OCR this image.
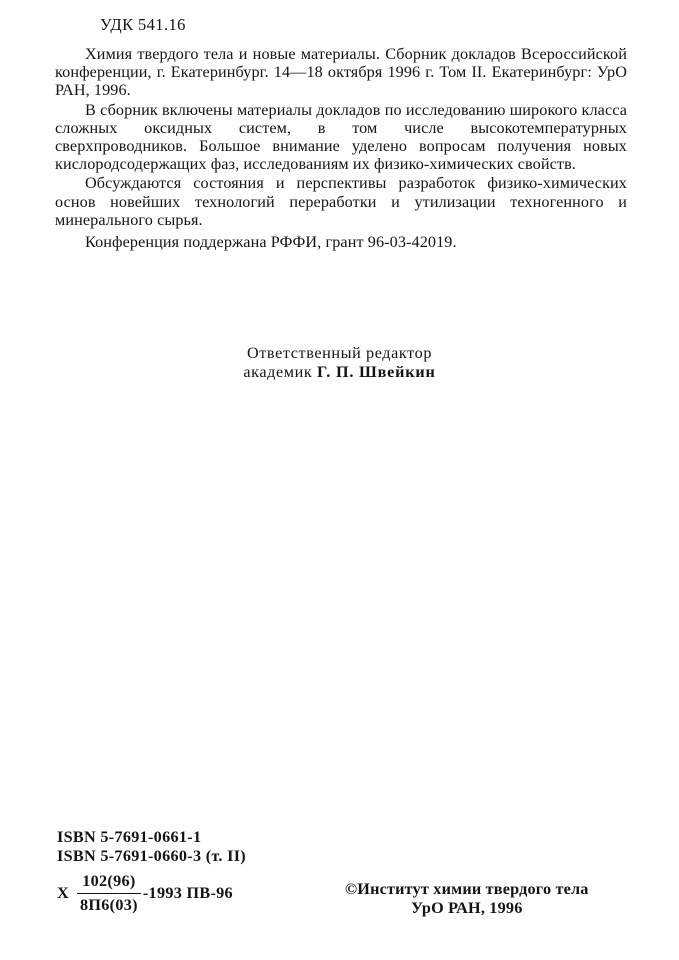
УДК 541.16

Химия твердого тела и новые материалы. Сборник докладов Всероссийской конференции, г. Екатеринбург. 14—18 октября 1996 г. Том II. Екатеринбург: УрО РАН, 1996.

В сборник включены материалы докладов по исследованию широкого класса сложных оксидных систем, в том числе высокотемпературных сверхпроводников. Большое внимание уделено вопросам получения новых кислородсодержащих фаз, исследованиям их физико-химических свойств.

Обсуждаются состояния и перспективы разработок физико-химических основ новейших технологий переработки и утилизации техногенного и минерального сырья.

Конференция поддержана РФФИ, грант 96-03-42019.

Ответственный редактор
академик Г. П. Швейкин
ISBN 5-7691-0661-1
ISBN 5-7691-0660-3 (т. II)
Х $\frac{102(96)}{8П6(03)} -1993$ ПВ-96	©Институт химии твердого тела
УрО РАН, 1996
